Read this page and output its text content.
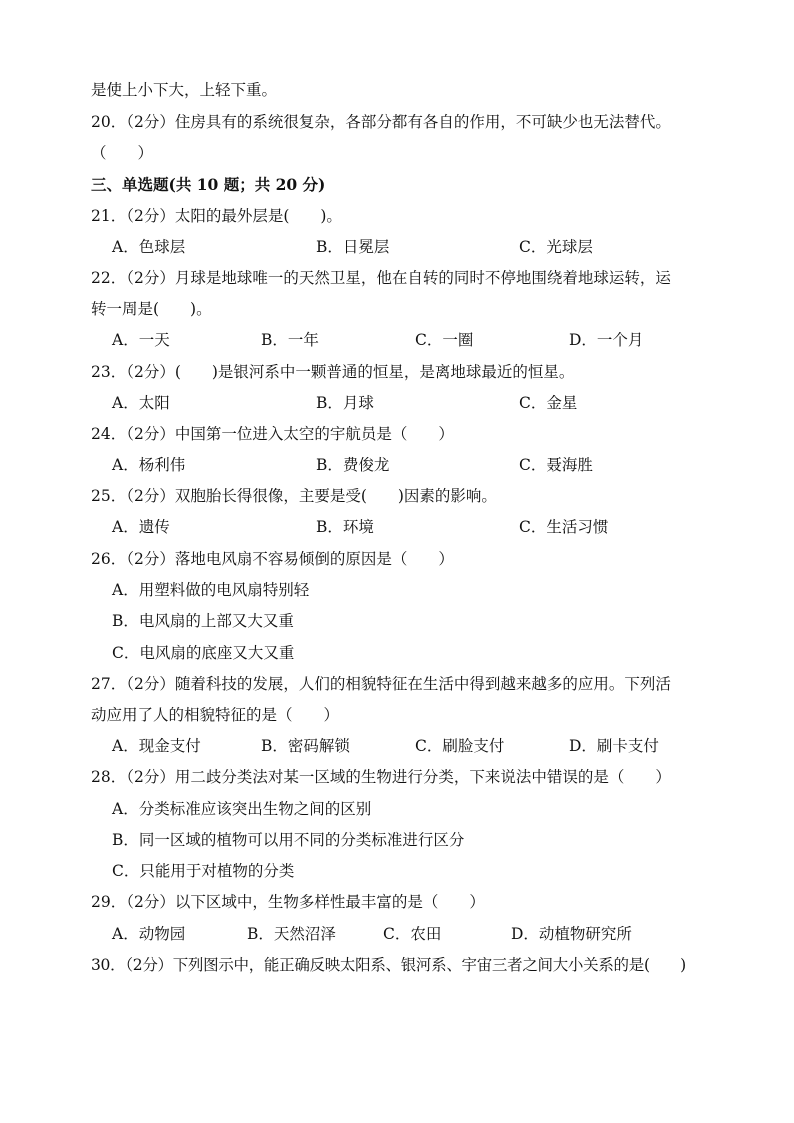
是使上小下大，上轻下重。
20．（2分）住房具有的系统很复杂，各部分都有各自的作用，不可缺少也无法替代。
（　　）
三、单选题(共 10 题；共 20 分)
21．（2分）太阳的最外层是(　　)。
A．色球层	B．日冕层	C．光球层
22．（2分）月球是地球唯一的天然卫星，他在自转的同时不停地围绕着地球运转，运
转一周是(　　)。
A．一天	B．一年	C．一圈	D．一个月
23．（2分）(　　)是银河系中一颗普通的恒星，是离地球最近的恒星。
A．太阳	B．月球	C．金星
24．（2分）中国第一位进入太空的宇航员是（　　）
A．杨利伟	B．费俊龙	C．聂海胜
25．（2分）双胞胎长得很像，主要是受(　　)因素的影响。
A．遗传	B．环境	C．生活习惯
26．（2分）落地电风扇不容易倾倒的原因是（　　）
A．用塑料做的电风扇特别轻
B．电风扇的上部又大又重
C．电风扇的底座又大又重
27．（2分）随着科技的发展，人们的相貌特征在生活中得到越来越多的应用。下列活
动应用了人的相貌特征的是（　　）
A．现金支付	B．密码解锁	C．刷脸支付	D．刷卡支付
28．（2分）用二歧分类法对某一区域的生物进行分类，下来说法中错误的是（　　）
A．分类标准应该突出生物之间的区别
B．同一区域的植物可以用不同的分类标准进行区分
C．只能用于对植物的分类
29．（2分）以下区域中，生物多样性最丰富的是（　　）
A．动物园	B．天然沼泽	C．农田	D．动植物研究所
30．（2分）下列图示中，能正确反映太阳系、银河系、宇宙三者之间大小关系的是(　　)
